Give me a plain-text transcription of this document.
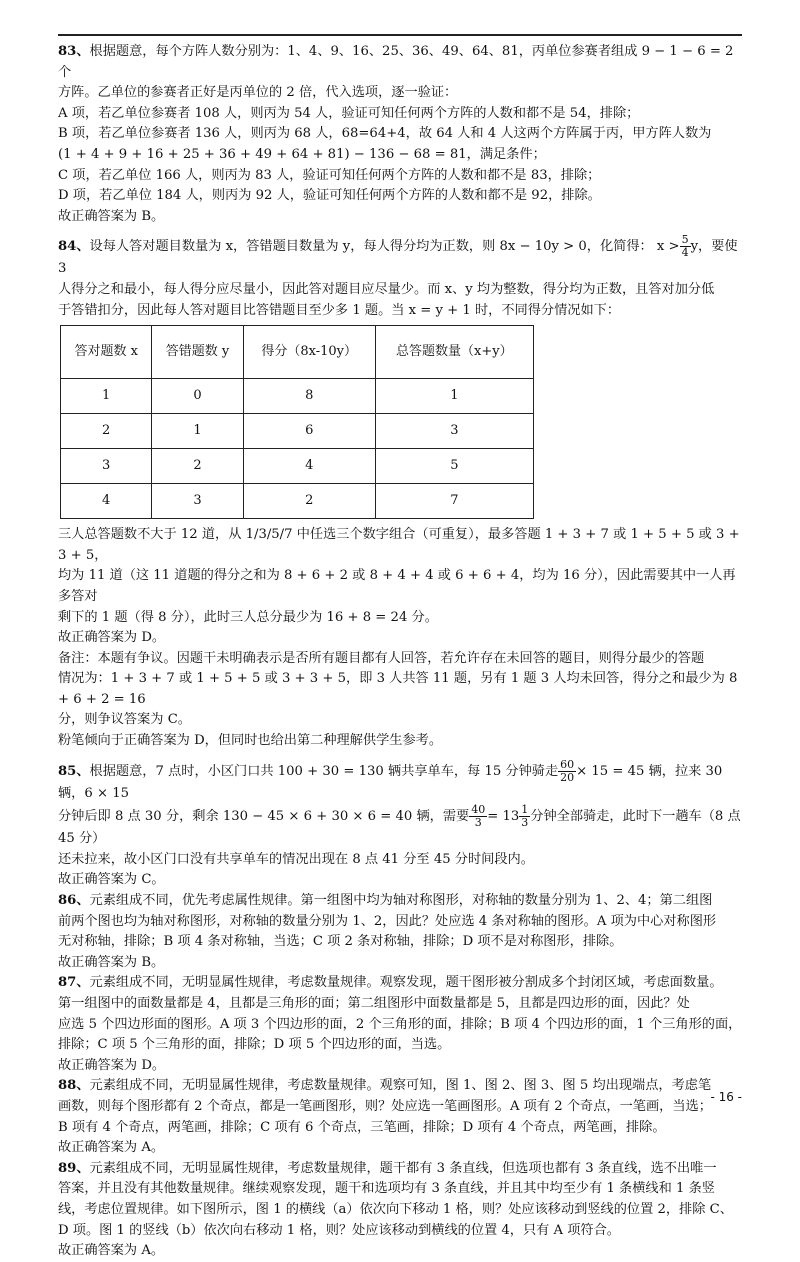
83、根据题意，每个方阵人数分别为：1、4、9、16、25、36、49、64、81，丙单位参赛者组成 9 − 1 − 6 = 2 个

方阵。乙单位的参赛者正好是丙单位的 2 倍，代入选项，逐一验证：

A 项，若乙单位参赛者 108 人，则丙为 54 人，验证可知任何两个方阵的人数和都不是 54，排除；

B 项，若乙单位参赛者 136 人，则丙为 68 人，68=64+4，故 64 人和 4 人这两个方阵属于丙，甲方阵人数为

(1 + 4 + 9 + 16 + 25 + 36 + 49 + 64 + 81) − 136 − 68 = 81，满足条件；

C 项，若乙单位 166 人，则丙为 83 人，验证可知任何两个方阵的人数和都不是 83，排除；

D 项，若乙单位 184 人，则丙为 92 人，验证可知任何两个方阵的人数和都不是 92，排除。

故正确答案为 B。

84、设每人答对题目数量为 x，答错题目数量为 y，每人得分均为正数，则 8x − 10y > 0，化简得： $x > \frac{5}{4}$ y，要使 3

人得分之和最小，每人得分应尽量小，因此答对题目应尽量少。而 x、y 均为整数，得分均为正数，且答对加分低

于答错扣分，因此每人答对题目比答错题目至少多 1 题。当 x = y + 1 时，不同得分情况如下：

答对题数 x	答错题数 y	得分（8x-10y）	总答题数量（x+y）
1	0	8	1
2	1	6	3
3	2	4	5
4	3	2	7

三人总答题数不大于 12 道，从 1/3/5/7 中任选三个数字组合（可重复），最多答题 1 + 3 + 7 或 1 + 5 + 5 或 3 + 3 + 5，

均为 11 道（这 11 道题的得分之和为 8 + 6 + 2 或 8 + 4 + 4 或 6 + 6 + 4，均为 16 分），因此需要其中一人再多答对

剩下的 1 题（得 8 分），此时三人总分最少为 16 + 8 = 24 分。

故正确答案为 D。

备注：本题有争议。因题干未明确表示是否所有题目都有人回答，若允许存在未回答的题目，则得分最少的答题

情况为：1 + 3 + 7 或 1 + 5 + 5 或 3 + 3 + 5，即 3 人共答 11 题，另有 1 题 3 人均未回答，得分之和最少为 8 + 6 + 2 = 16

分，则争议答案为 C。

粉笔倾向于正确答案为 D，但同时也给出第二种理解供学生参考。

85、根据题意，7 点时，小区门口共 100 + 30 = 130 辆共享单车，每 15 分钟骑走 $\frac{60}{20} \times 15 = 45$ 辆，拉来 30 辆，6 × 15

分钟后即 8 点 30 分，剩余 130 − 45 × 6 + 30 × 6 = 40 辆，需要 $\frac{40}{3} = 13 \frac{1}{3}$ 分钟全部骑走，此时下一趟车（8 点 45 分）

还未拉来，故小区门口没有共享单车的情况出现在 8 点 41 分至 45 分时间段内。

故正确答案为 C。

86、元素组成不同，优先考虑属性规律。第一组图中均为轴对称图形，对称轴的数量分别为 1、2、4；第二组图

前两个图也均为轴对称图形，对称轴的数量分别为 1、2，因此？处应选 4 条对称轴的图形。A 项为中心对称图形

无对称轴，排除；B 项 4 条对称轴，当选；C 项 2 条对称轴，排除；D 项不是对称图形，排除。

故正确答案为 B。

87、元素组成不同，无明显属性规律，考虑数量规律。观察发现，题干图形被分割成多个封闭区域，考虑面数量。

第一组图中的面数量都是 4，且都是三角形的面；第二组图形中面数量都是 5，且都是四边形的面，因此？处

应选 5 个四边形面的图形。A 项 3 个四边形的面，2 个三角形的面，排除；B 项 4 个四边形的面，1 个三角形的面，

排除；C 项 5 个三角形的面，排除；D 项 5 个四边形的面，当选。

故正确答案为 D。

88、元素组成不同，无明显属性规律，考虑数量规律。观察可知，图 1、图 2、图 3、图 5 均出现端点，考虑笔

画数，则每个图形都有 2 个奇点，都是一笔画图形，则？处应选一笔画图形。A 项有 2 个奇点，一笔画，当选；

B 项有 4 个奇点，两笔画，排除；C 项有 6 个奇点，三笔画，排除；D 项有 4 个奇点，两笔画，排除。

故正确答案为 A。

89、元素组成不同，无明显属性规律，考虑数量规律，题干都有 3 条直线，但选项也都有 3 条直线，选不出唯一

答案，并且没有其他数量规律。继续观察发现，题干和选项均有 3 条直线，并且其中均至少有 1 条横线和 1 条竖

线，考虑位置规律。如下图所示，图 1 的横线（a）依次向下移动 1 格，则？处应该移动到竖线的位置 2，排除 C、

D 项。图 1 的竖线（b）依次向右移动 1 格，则？处应该移动到横线的位置 4，只有 A 项符合。

故正确答案为 A。

- 16 -
